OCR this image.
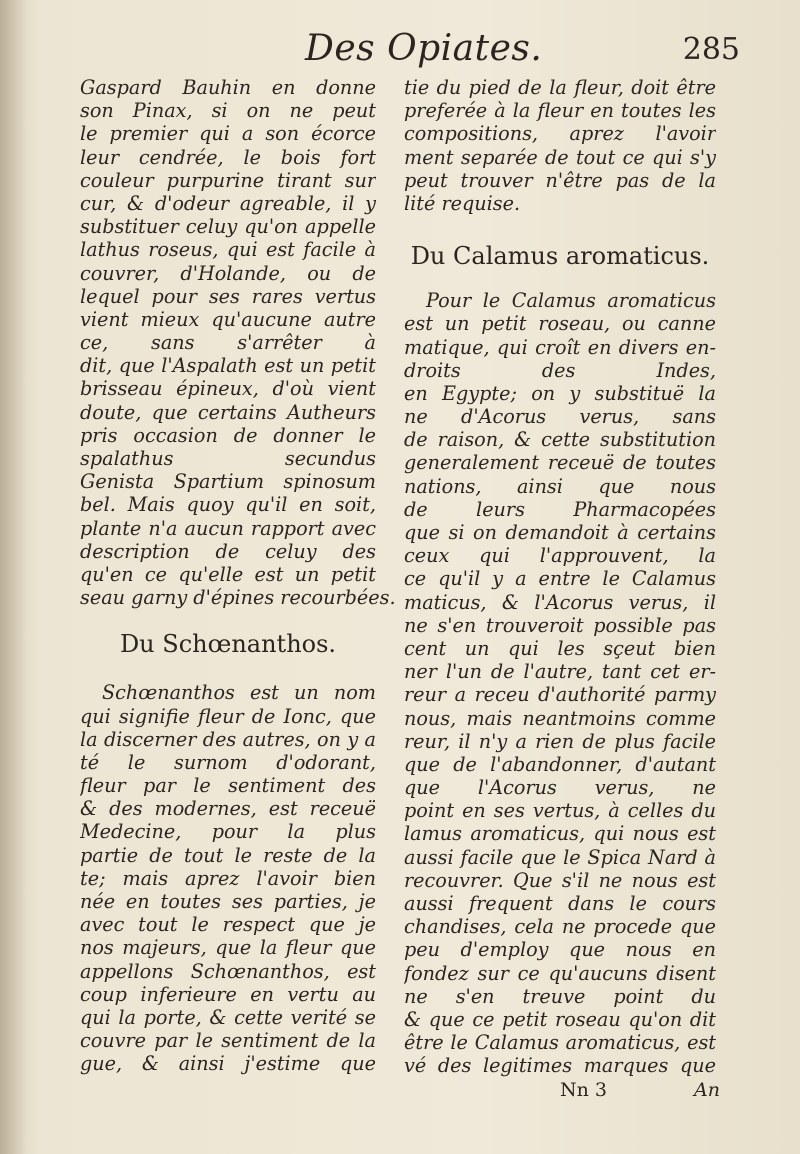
Des Opiates.	285
Gaspard Bauhin en donne
son Pinax, si on ne peut
le premier qui a son écorce
leur cendrée, le bois fort
couleur purpurine tirant sur
cur, & d'odeur agreable, il y
substituer celuy qu'on appelle
lathus roseus, qui est facile à
couvrer, d'Holande, ou de
lequel pour ses rares vertus
vient mieux qu'aucune autre
ce, sans s'arrêter à
dit, que l'Aspalath est un petit
brisseau épineux, d'où vient
doute, que certains Autheurs
pris occasion de donner le
spalathus secundus
Genista Spartium spinosum
bel. Mais quoy qu'il en soit,
plante n'a aucun rapport avec
description de celuy des
qu'en ce qu'elle est un petit
seau garny d'épines recourbées.
Du Schœnanthos.
Schœnanthos est un nom
qui signifie fleur de Ionc, que
la discerner des autres, on y a
té le surnom d'odorant,
fleur par le sentiment des
& des modernes, est receuë
Medecine, pour la plus
partie de tout le reste de la
te; mais aprez l'avoir bien
née en toutes ses parties, je
avec tout le respect que je
nos majeurs, que la fleur que
appellons Schœnanthos, est
coup inferieure en vertu au
qui la porte, & cette verité se
couvre par le sentiment de la
gue, & ainsi j'estime que
tie du pied de la fleur, doit être
preferée à la fleur en toutes les
compositions, aprez l'avoir
ment separée de tout ce qui s'y
peut trouver n'être pas de la
lité requise.
Du Calamus aromaticus.
Pour le Calamus aromaticus
est un petit roseau, ou canne
matique, qui croît en divers en-
droits des Indes,
en Egypte; on y substituë la
ne d'Acorus verus, sans
de raison, & cette substitution
generalement receuë de toutes
nations, ainsi que nous
de leurs Pharmacopées
que si on demandoit à certains
ceux qui l'approuvent, la
ce qu'il y a entre le Calamus
maticus, & l'Acorus verus, il
ne s'en trouveroit possible pas
cent un qui les sçeut bien
ner l'un de l'autre, tant cet er-
reur a receu d'authorité parmy
nous, mais neantmoins comme
reur, il n'y a rien de plus facile
que de l'abandonner, d'autant
que l'Acorus verus, ne
point en ses vertus, à celles du
lamus aromaticus, qui nous est
aussi facile que le Spica Nard à
recouvrer. Que s'il ne nous est
aussi frequent dans le cours
chandises, cela ne procede que
peu d'employ que nous en
fondez sur ce qu'aucuns disent
ne s'en treuve point du
& que ce petit roseau qu'on dit
être le Calamus aromaticus, est
vé des legitimes marques que
Nn 3	An
